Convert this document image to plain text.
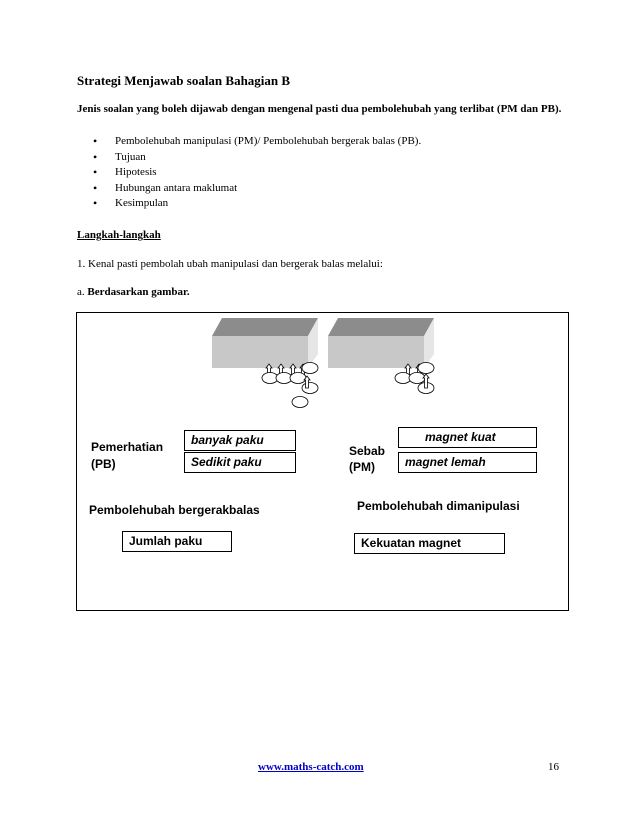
Strategi Menjawab soalan Bahagian B
Jenis soalan yang boleh dijawab dengan mengenal pasti dua pembolehubah yang terlibat (PM dan PB).
• Pembolehubah manipulasi (PM)/ Pembolehubah bergerak balas (PB).
• Tujuan
• Hipotesis
• Hubungan antara maklumat
• Kesimpulan
Langkah-langkah
1. Kenal pasti pembolah ubah manipulasi dan bergerak balas melalui:
a. Berdasarkan gambar.
Pemerhatian
(PB)
banyak paku
Sedikit paku
Sebab
(PM)
magnet kuat
magnet lemah
Pembolehubah bergerakbalas	Pembolehubah dimanipulasi
Jumlah paku	Kekuatan magnet
www.maths-catch.com	16
